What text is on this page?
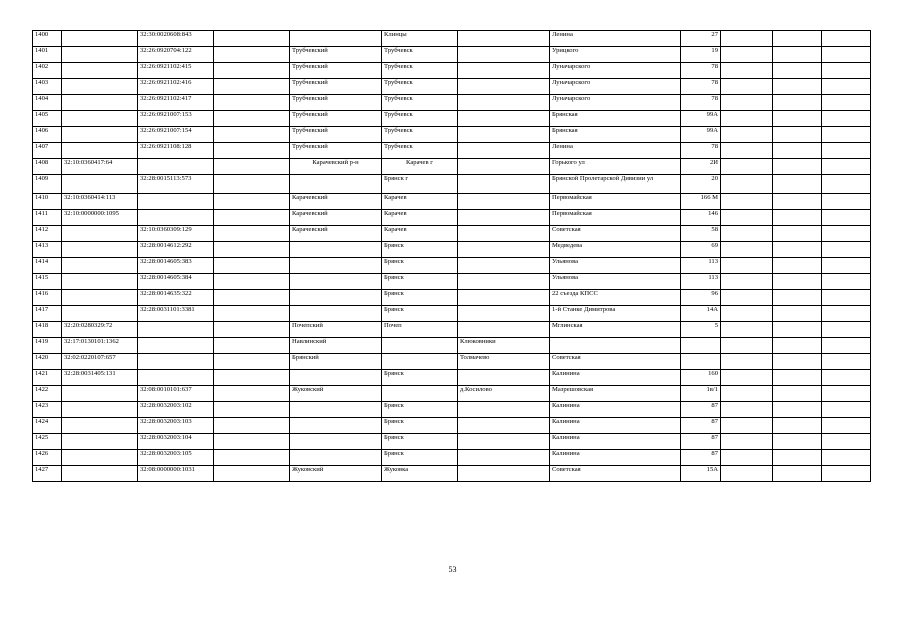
1400		32:30:0020608:843			Клинцы		Ленина	27			
1401		32:26:0920704:122		Трубчевский	Трубчевск		Урицкого	19			
1402		32:26:0921102:415		Трубчевский	Трубчевск		Луначарского	78			
1403		32:26:0921102:416		Трубчевский	Трубчевск		Луначарского	78			
1404		32:26:0921102:417		Трубчевский	Трубчевск		Луначарского	78			
1405		32:26:0921007:153		Трубчевский	Трубчевск		Брянская	99А			
1406		32:26:0921007:154		Трубчевский	Трубчевск		Брянская	99А			
1407		32:26:0921108:128		Трубчевский	Трубчевск		Ленина	78			
1408	32:10:0360417:64			Карачевский р-н	Карачев г		Горького ул	2И			
1409		32:28:0015113:573			Брянск г		Брянской Пролетарской Дивизии ул	20			
1410	32:10:0360414:113			Карачевский	Карачев		Первомайская	166 М			
1411	32:10:0000000:1095			Карачевский	Карачев		Первомайская	146			
1412		32:10:0360309:129		Карачевский	Карачев		Советская	58			
1413		32:28:0014612:292			Брянск		Медведева	69			
1414		32:28:0014605:383			Брянск		Ульянова	113			
1415		32:28:0014605:384			Брянск		Ульянова	113			
1416		32:28:0014635:322			Брянск		22 съезда КПСС	96			
1417		32:28:0031101:3381			Брянск		1-й Станке Димитрова	14А			
1418	32:20:0280329:72			Почепский	Почеп		Мглинская	5			
1419	32:17:0130101:1362			Навлинский		Клюковники					
1420	32:02:0220107:657			Брянский		Толмачево	Советская				
1421	32:28:0031405:131				Брянск		Калинина	160			
1422		32:08:0010101:637		Жуковский		д.Косилово	Мазрешовская	1в/1			
1423		32:28:0032003:102			Брянск		Калинина	87			
1424		32:28:0032003:103			Брянск		Калинина	87			
1425		32:28:0032003:104			Брянск		Калинина	87			
1426		32:28:0032003:105			Брянск		Калинина	87			
1427		32:08:0000000:1031		Жуковский	Жуковка		Советская	15А			
53
